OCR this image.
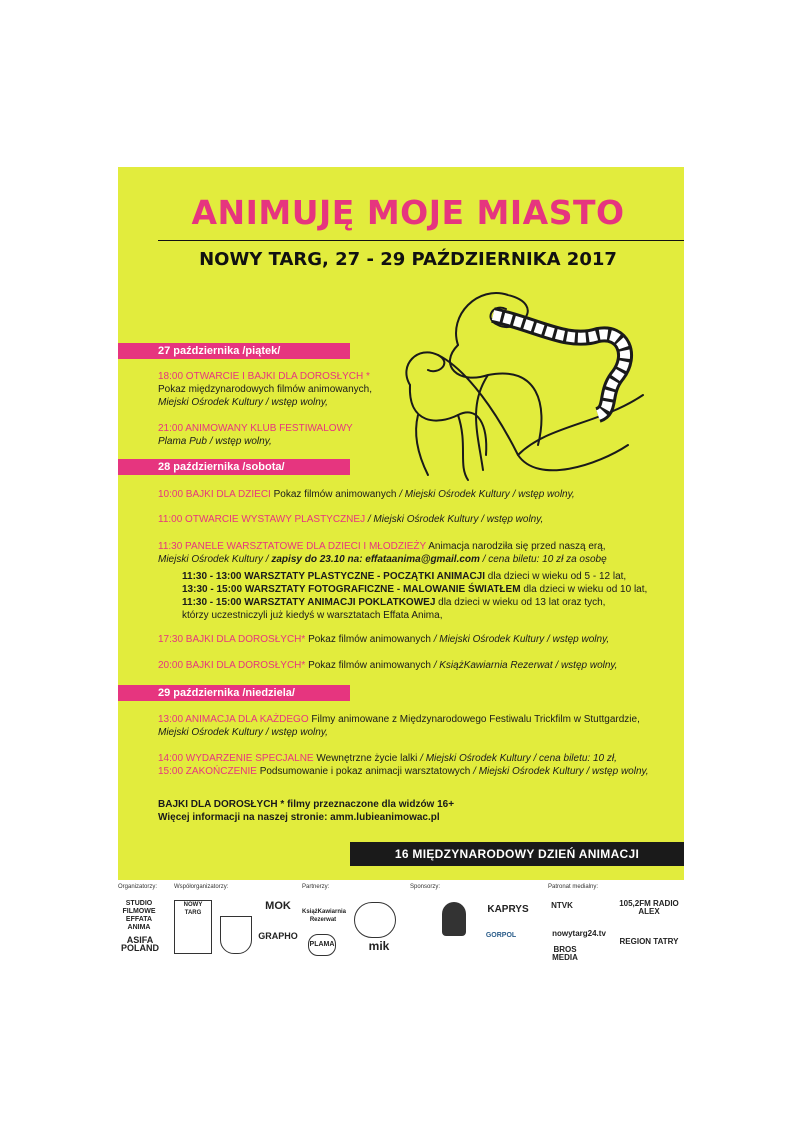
ANIMUJĘ MOJE MIASTO
NOWY TARG, 27 - 29 PAŹDZIERNIKA 2017
27 października /piątek/
18:00 OTWARCIE I BAJKI DLA DOROSŁYCH *
Pokaz międzynarodowych filmów animowanych,
Miejski Ośrodek Kultury / wstęp wolny,
21:00 ANIMOWANY KLUB FESTIWALOWY
Plama Pub / wstęp wolny,
28 października /sobota/
10:00 BAJKI DLA DZIECI Pokaz filmów animowanych / Miejski Ośrodek Kultury / wstęp wolny,
11:00 OTWARCIE WYSTAWY PLASTYCZNEJ / Miejski Ośrodek Kultury / wstęp wolny,
11:30 PANELE WARSZTATOWE DLA DZIECI I MŁODZIEŻY Animacja narodziła się przed naszą erą,
Miejski Ośrodek Kultury / zapisy do 23.10 na: effataanima@gmail.com / cena biletu: 10 zł za osobę
11:30 - 13:00 WARSZTATY PLASTYCZNE - POCZĄTKI ANIMACJI dla dzieci w wieku od 5 - 12 lat,
13:30 - 15:00 WARSZTATY FOTOGRAFICZNE - MALOWANIE ŚWIATŁEM dla dzieci w wieku od 10 lat,
11:30 - 15:00 WARSZTATY ANIMACJI POKLATKOWEJ dla dzieci w wieku od 13 lat oraz tych,
którzy uczestniczyli już kiedyś w warsztatach Effata Anima,
17:30 BAJKI DLA DOROSŁYCH* Pokaz filmów animowanych / Miejski Ośrodek Kultury / wstęp wolny,
20:00 BAJKI DLA DOROSŁYCH* Pokaz filmów animowanych / KsiążKawiarnia Rezerwat / wstęp wolny,
29 października /niedziela/
13:00 ANIMACJA DLA KAŻDEGO Filmy animowane z Międzynarodowego Festiwalu Trickfilm w Stuttgardzie,
Miejski Ośrodek Kultury / wstęp wolny,
14:00 WYDARZENIE SPECJALNE Wewnętrzne życie lalki / Miejski Ośrodek Kultury / cena biletu: 10 zł,
15:00 ZAKOŃCZENIE Podsumowanie i pokaz animacji warsztatowych / Miejski Ośrodek Kultury / wstęp wolny,
BAJKI DLA DOROSŁYCH * filmy przeznaczone dla widzów 16+
Więcej informacji na naszej stronie: amm.lubieanimowac.pl
16 MIĘDZYNARODOWY DZIEŃ ANIMACJI
Organizatorzy:	Współorganizatorzy:	Partnerzy:	Sponsorzy:	Patronat medialny:
STUDIO FILMOWE EFFATA ANIMA
ASIFA POLAND
NOWY TARG
MOK
GRAPHO
KsiążKawiarnia Rezerwat
PLAMA	mik
KAPRYS
GORPOL
NTVK	105,2FM RADIO ALEX
nowytarg24.tv
BROS MEDIA
REGION TATRY
